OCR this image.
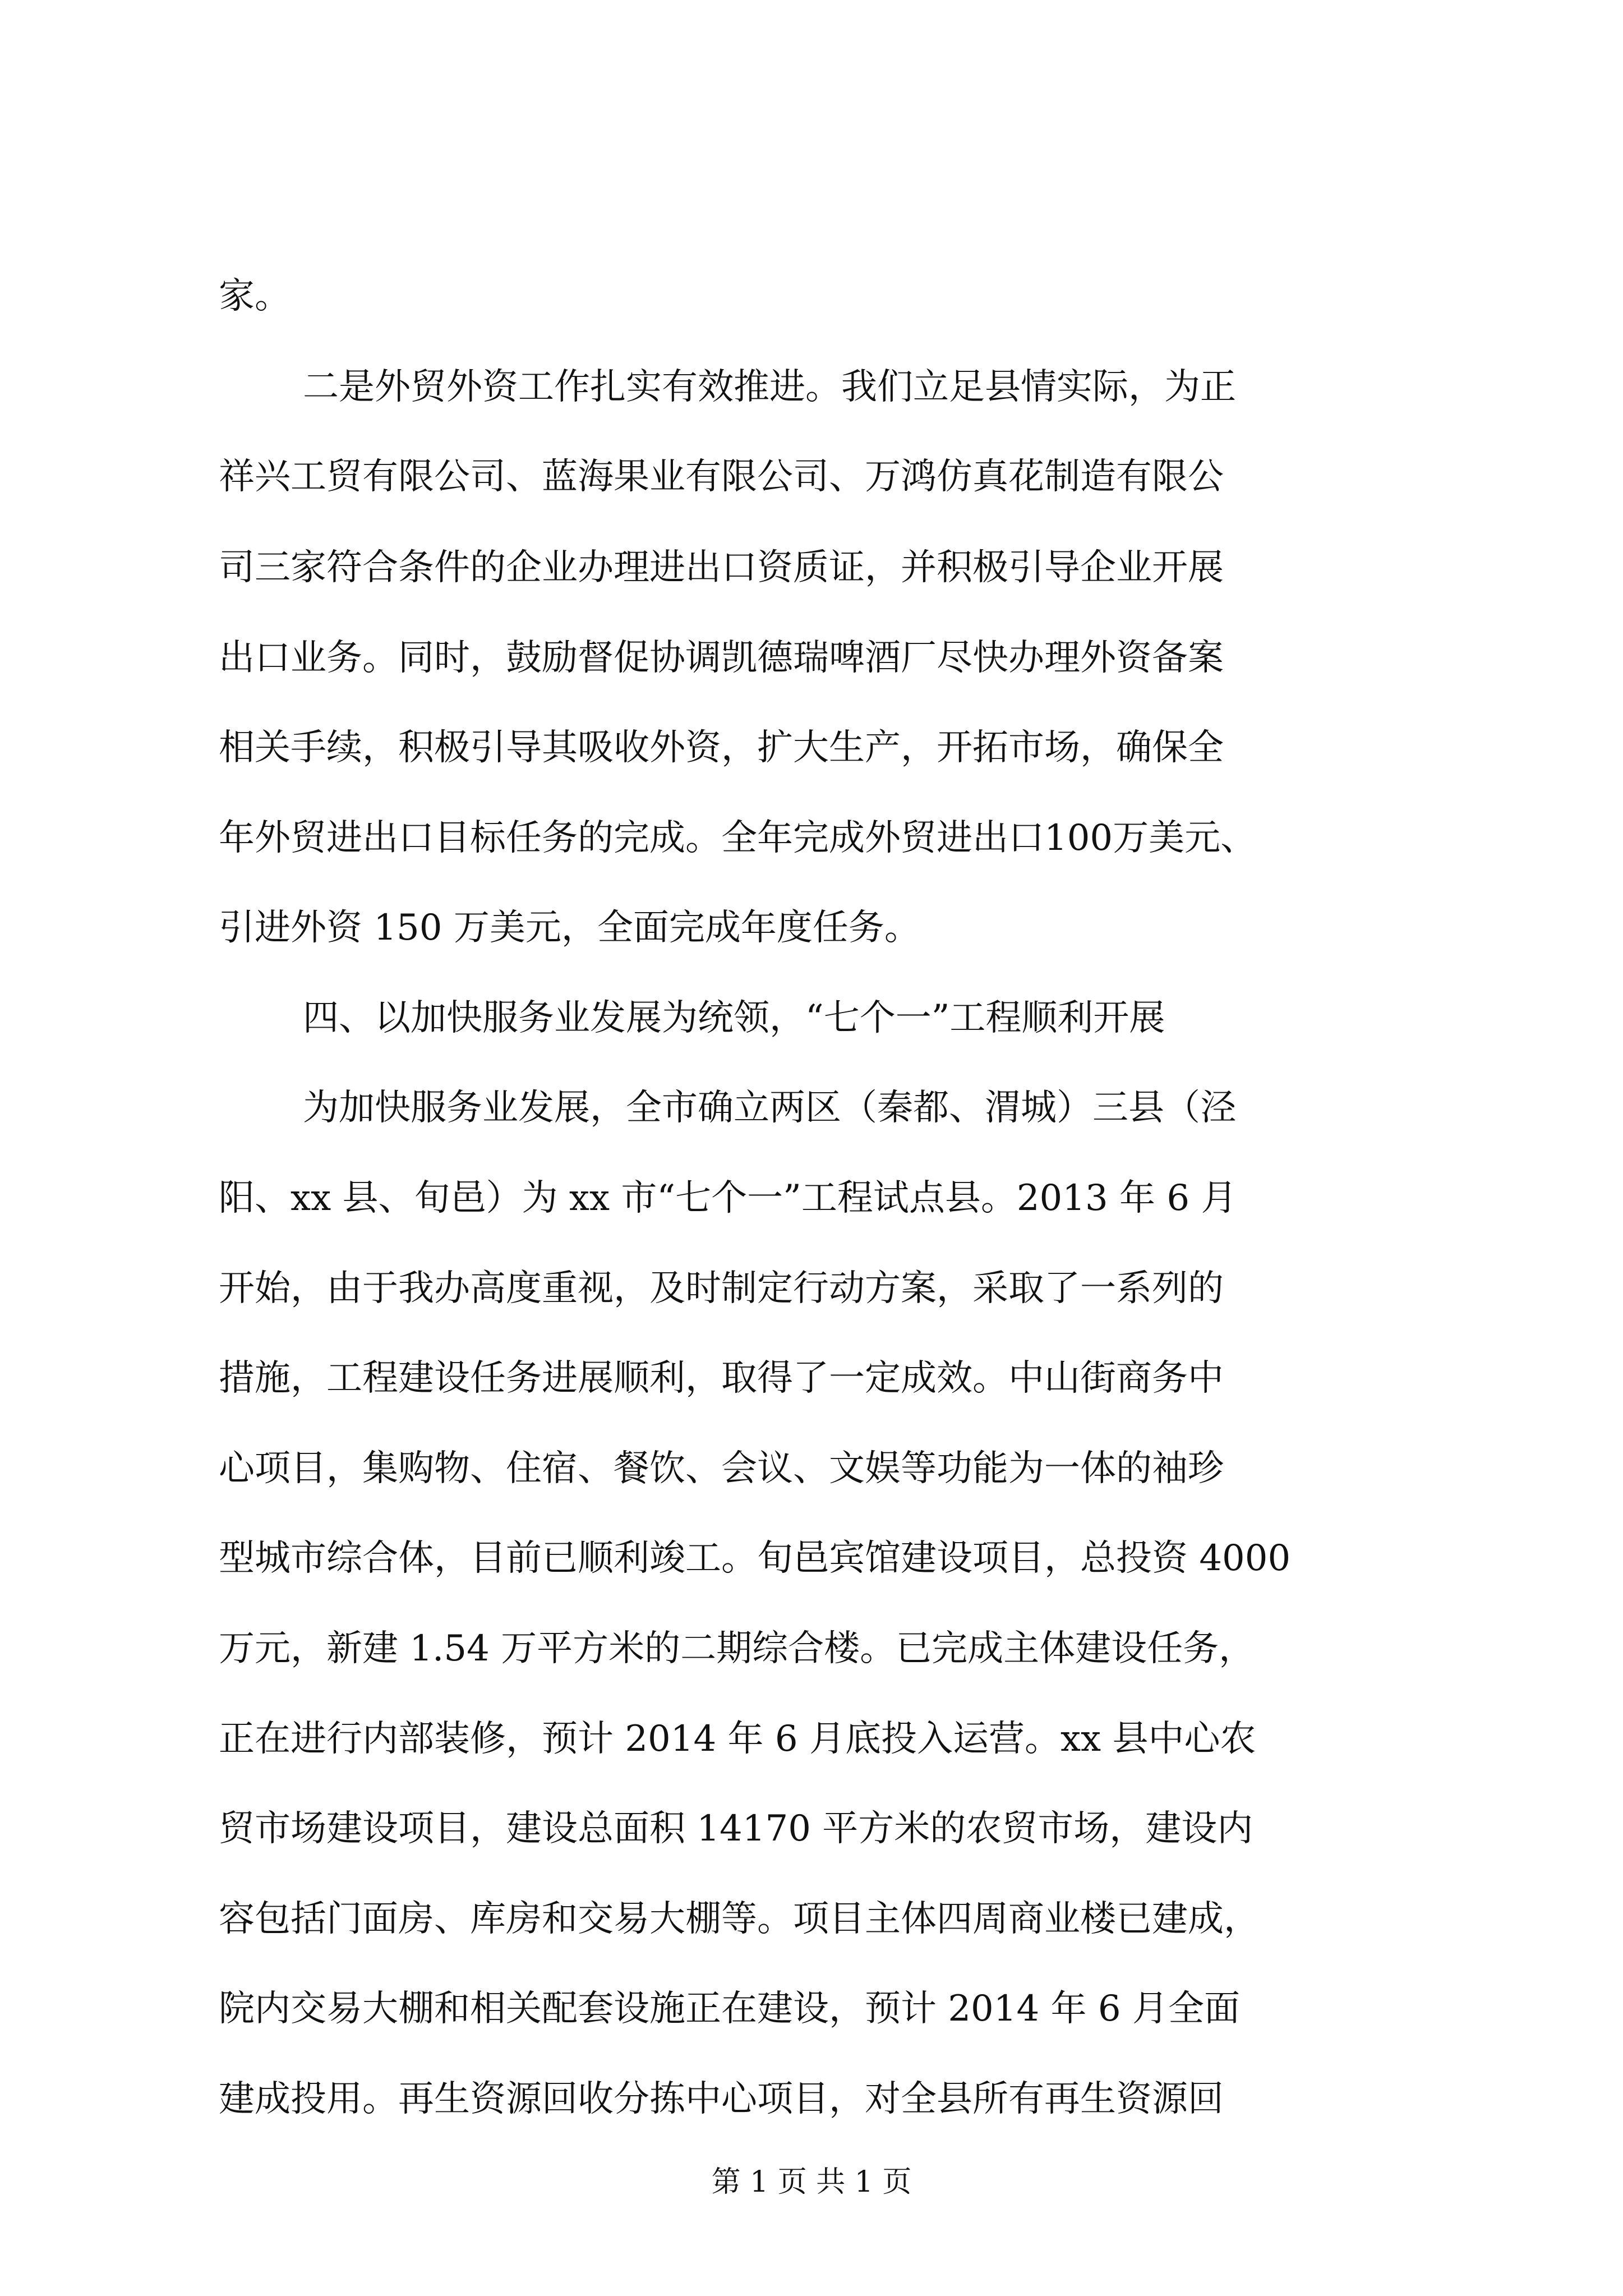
家。
二是外贸外资工作扎实有效推进。我们立足县情实际，为正
祥兴工贸有限公司、蓝海果业有限公司、万鸿仿真花制造有限公
司三家符合条件的企业办理进出口资质证，并积极引导企业开展
出口业务。同时，鼓励督促协调凯德瑞啤酒厂尽快办理外资备案
相关手续，积极引导其吸收外资，扩大生产，开拓市场，确保全
年外贸进出口目标任务的完成。全年完成外贸进出口100万美元、
引进外资 150 万美元，全面完成年度任务。
四、以加快服务业发展为统领，“七个一”工程顺利开展
为加快服务业发展，全市确立两区（秦都、渭城）三县（泾
阳、xx 县、旬邑）为 xx 市“七个一”工程试点县。2013 年 6 月
开始，由于我办高度重视，及时制定行动方案，采取了一系列的
措施，工程建设任务进展顺利，取得了一定成效。中山街商务中
心项目，集购物、住宿、餐饮、会议、文娱等功能为一体的袖珍
型城市综合体，目前已顺利竣工。旬邑宾馆建设项目，总投资 4000
万元，新建 1.54 万平方米的二期综合楼。已完成主体建设任务，
正在进行内部装修，预计 2014 年 6 月底投入运营。xx 县中心农
贸市场建设项目，建设总面积 14170 平方米的农贸市场，建设内
容包括门面房、库房和交易大棚等。项目主体四周商业楼已建成，
院内交易大棚和相关配套设施正在建设，预计 2014 年 6 月全面
建成投用。再生资源回收分拣中心项目，对全县所有再生资源回
第 1 页 共 1 页
